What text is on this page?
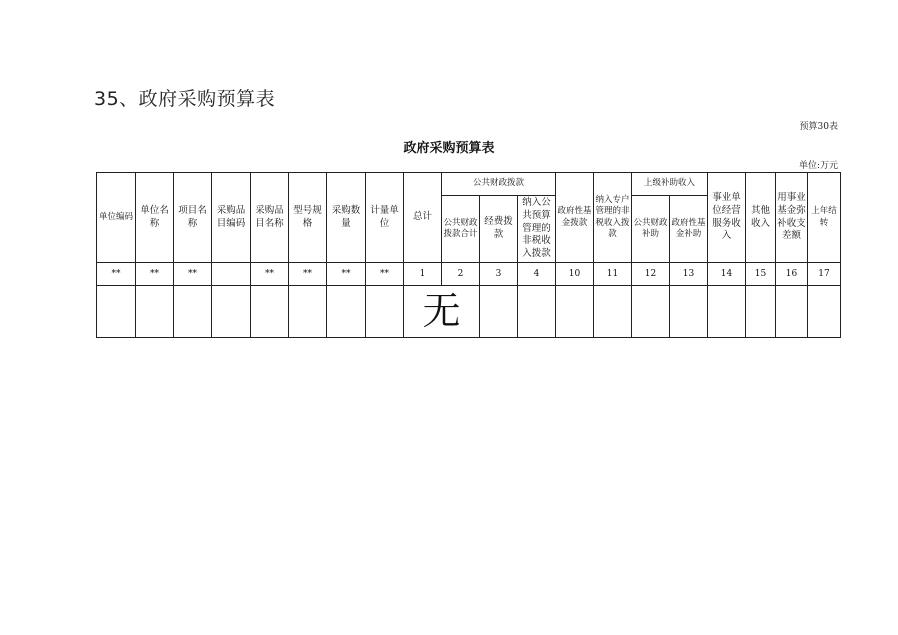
35、政府采购预算表
预算30表
政府采购预算表
单位:万元
单位编码	单位名称	项目名称	采购品目编码	采购品目名称	型号规格	采购数量	计量单位	总计	公共财政拨款			政府性基金拨款	纳入专户管理的非税收入拨款	上级补助收入		事业单位经营服务收入	其他收入	用事业基金弥补收支差额	上年结转
									公共财政拨款合计	经费拨款	纳入公共预算管理的非税收入拨款			公共财政补助	政府性基金补助				
**	**	**		**	**	**	**	1	2	3	4	10	11	12	13	14	15	16	17
								无											
